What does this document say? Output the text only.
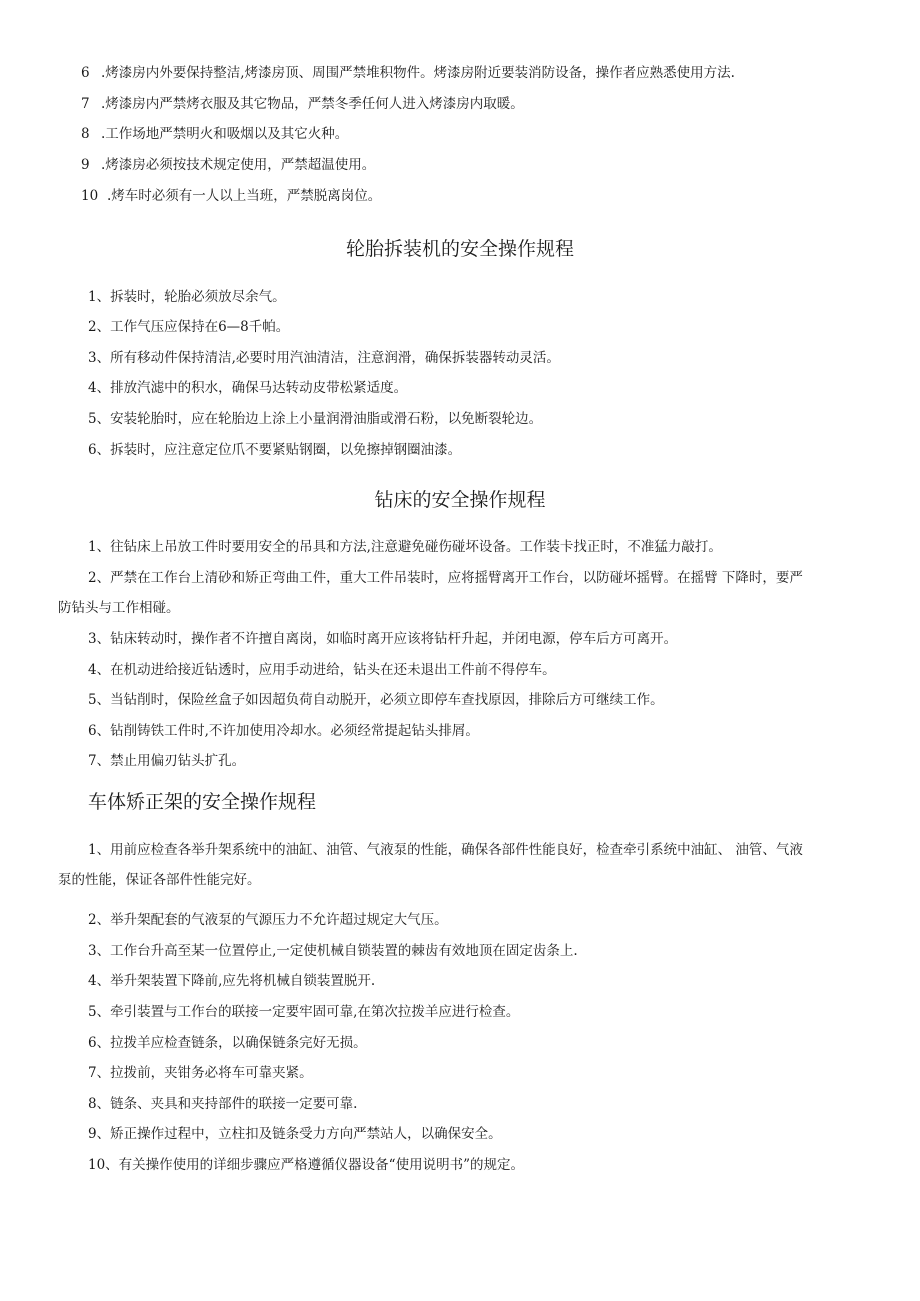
6 .烤漆房内外要保持整洁,烤漆房顶、周围严禁堆积物件。烤漆房附近要装消防设备，操作者应熟悉使用方法.
7 .烤漆房内严禁烤衣服及其它物品，严禁冬季任何人进入烤漆房内取暖。
8 .工作场地严禁明火和吸烟以及其它火种。
9 .烤漆房必须按技术规定使用，严禁超温使用。
10 .烤车时必须有一人以上当班，严禁脱离岗位。
轮胎拆装机的安全操作规程
1、拆装时，轮胎必须放尽余气。
2、工作气压应保持在6—8千帕。
3、所有移动件保持清洁,必要时用汽油清洁，注意润滑，确保拆装器转动灵活。
4、排放汽滤中的积水，确保马达转动皮带松紧适度。
5、安装轮胎时，应在轮胎边上涂上小量润滑油脂或滑石粉，以免断裂轮边。
6、拆装时，应注意定位爪不要紧贴钢圈，以免擦掉钢圈油漆。
钻床的安全操作规程
1、往钻床上吊放工件时要用安全的吊具和方法,注意避免碰伤碰坏设备。工作装卡找正时，不准猛力敲打。
2、严禁在工作台上清砂和矫正弯曲工件，重大工件吊装时，应将摇臂离开工作台，以防碰坏摇臂。在摇臂 下降时，要严
防钻头与工作相碰。
3、钻床转动时，操作者不许擅自离岗，如临时离开应该将钻杆升起，并闭电源，停车后方可离开。
4、在机动进给接近钻透时，应用手动进给，钻头在还未退出工件前不得停车。
5、当钻削时，保险丝盒子如因超负荷自动脱开，必须立即停车查找原因，排除后方可继续工作。
6、钻削铸铁工件时,不许加使用冷却水。必须经常提起钻头排屑。
7、禁止用偏刃钻头扩孔。
车体矫正架的安全操作规程
1、用前应检查各举升架系统中的油缸、油管、气液泵的性能，确保各部件性能良好，检查牵引系统中油缸、 油管、气液
泵的性能，保证各部件性能完好。
2、举升架配套的气液泵的气源压力不允许超过规定大气压。
3、工作台升高至某一位置停止,一定使机械自锁装置的棘齿有效地顶在固定齿条上.
4、举升架装置下降前,应先将机械自锁装置脱开.
5、牵引装置与工作台的联接一定要牢固可靠,在第次拉拨羊应进行检查。
6、拉拨羊应检查链条，以确保链条完好无损。
7、拉拨前，夹钳务必将车可靠夹紧。
8、链条、夹具和夹持部件的联接一定要可靠.
9、矫正操作过程中，立柱扣及链条受力方向严禁站人，以确保安全。
10、有关操作使用的详细步骤应严格遵循仪器设备“使用说明书”的规定。
